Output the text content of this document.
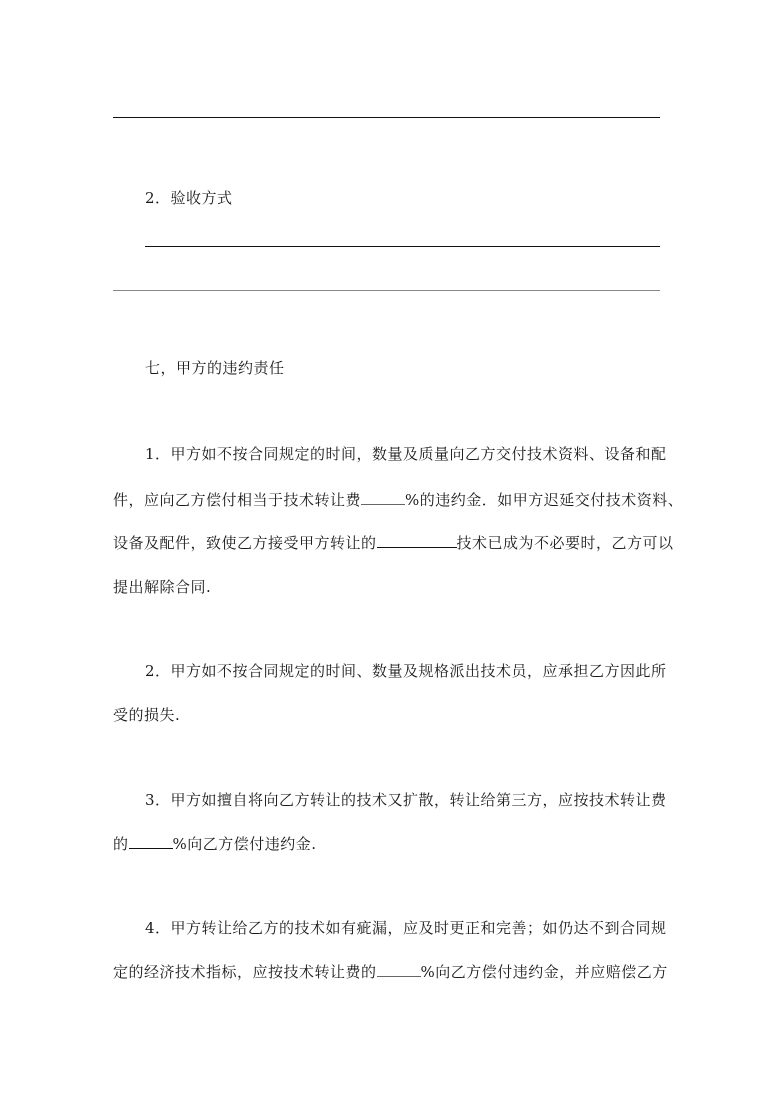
2．验收方式
七，甲方的违约责任
1．甲方如不按合同规定的时间，数量及质量向乙方交付技术资料、设备和配
件，应向乙方偿付相当于技术转让费	%的违约金．如甲方迟延交付技术资料、
设备及配件，致使乙方接受甲方转让的	技术已成为不必要时，乙方可以
提出解除合同.
2．甲方如不按合同规定的时间、数量及规格派出技术员，应承担乙方因此所
受的损失.
3．甲方如擅自将向乙方转让的技术又扩散，转让给第三方，应按技术转让费
的	%向乙方偿付违约金.
4．甲方转让给乙方的技术如有疵漏，应及时更正和完善；如仍达不到合同规
定的经济技术指标，应按技术转让费的	%向乙方偿付违约金，并应赔偿乙方
